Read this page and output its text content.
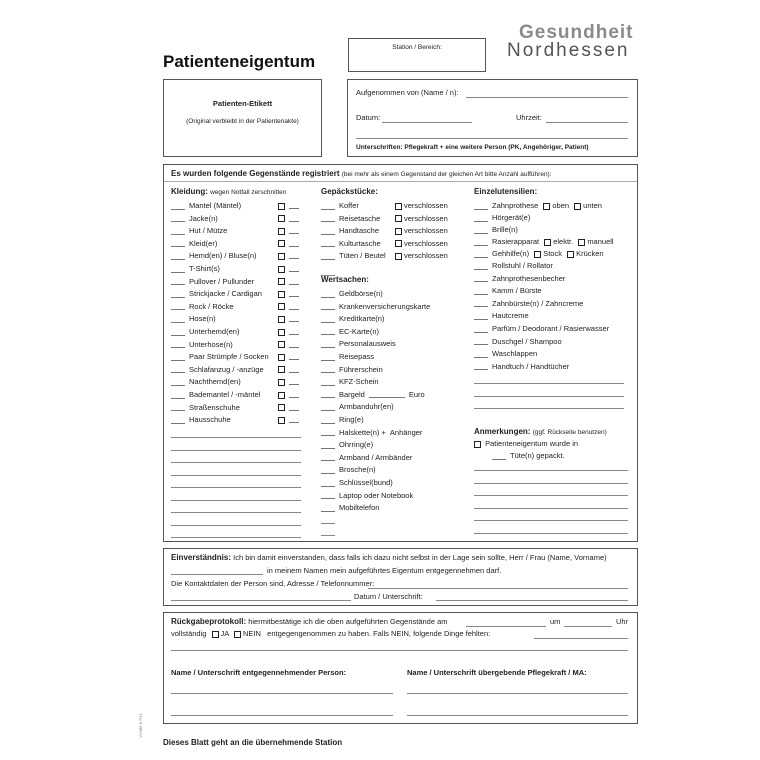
Patienteneigentum
Station / Bereich:
Gesundheit
Nordhessen
Patienten-Etikett
(Original verbleibt in der Patientenakte)
Aufgenommen von (Name / n):
Datum:	Uhrzeit:
Unterschriften: Pflegekraft + eine weitere Person (PK, Angehöriger, Patient)
Es wurden folgende Gegenstände registriert (bei mehr als einem Gegenstand der gleichen Art bitte Anzahl aufführen):
Kleidung: wegen Notfall zerschnitten
Mantel (Mäntel)
Jacke(n)
Hut / Mütze
Kleid(er)
Hemd(en) / Bluse(n)
T-Shirt(s)
Pullover / Pullunder
Strickjacke / Cardigan
Rock / Röcke
Hose(n)
Unterhemd(en)
Unterhose(n)
Paar Strümpfe / Socken
Schlafanzug / -anzüge
Nachthemd(en)
Bademantel / -mäntel
Straßenschuhe
Hausschuhe
Gepäckstücke:
Koffer	verschlossen
Reisetasche	verschlossen
Handtasche	verschlossen
Kulturtasche	verschlossen
Tüten / Beutel	verschlossen
Wertsachen:
Geldbörse(n)
Krankenversicherungskarte
Kreditkarte(n)
EC-Karte(n)
Personalausweis
Reisepass
Führerschein
KFZ-Schein
Bargeld	Euro
Armbanduhr(en)
Ring(e)
Halskette(n) + Anhänger
Ohrring(e)
Armband / Armbänder
Brosche(n)
Schlüssel(bund)
Laptop oder Notebook
Mobiltelefon
Einzelutensilien:
Zahnprothese oben unten
Hörgerät(e)
Brille(n)
Rasierapparat elektr. manuell
Gehhilfe(n) Stock Krücken
Rollstuhl / Rollator
Zahnprothesenbecher
Kamm / Bürste
Zahnbürste(n) / Zahncreme
Hautcreme
Parfüm / Deodorant / Rasierwasser
Duschgel / Shampoo
Waschlappen
Handtuch / Handtücher
Anmerkungen: (ggf. Rückseite benutzen)
Patienteneigentum wurde in
Tüte(n) gepackt.
Einverständnis: Ich bin damit einverstanden, dass falls ich dazu nicht selbst in der Lage sein sollte, Herr / Frau (Name, Vorname)
in meinem Namen mein aufgeführtes Eigentum entgegennehmen darf.
Die Kontaktdaten der Person sind, Adresse / Telefonnummer:
Datum / Unterschrift:
Rückgabeprotokoll: hiermitbestätige ich die oben aufgeführten Gegenstände am	um	Uhr
vollständig JA NEIN entgegengenommen zu haben. Falls NEIN, folgende Dinge fehlten:
Name / Unterschrift entgegennehmender Person:	Name / Unterschrift übergebende Pflegekraft / MA:
Dieses Blatt geht an die übernehmende Station
VVS86 8 7/12
